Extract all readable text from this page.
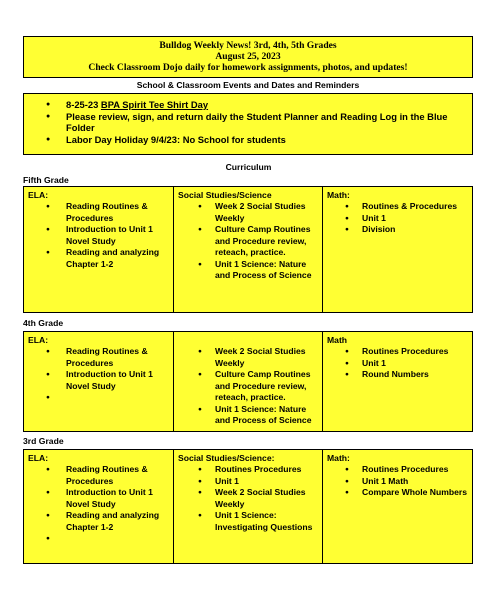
Bulldog Weekly News! 3rd, 4th, 5th Grades
August 25, 2023
Check Classroom Dojo daily for homework assignments, photos, and updates!
School & Classroom Events and Dates and Reminders
● 8-25-23 BPA Spirit Tee Shirt Day
● Please review, sign, and return daily the Student Planner and Reading Log in the Blue Folder
● Labor Day Holiday 9/4/23: No School for students
Curriculum
Fifth Grade
ELA:
● Reading Routines & Procedures
● Introduction to Unit 1 Novel Study
● Reading and analyzing Chapter 1-2
Social Studies/Science
● Week 2 Social Studies Weekly
● Culture Camp Routines and Procedure review, reteach, practice.
● Unit 1 Science: Nature and Process of Science
Math:
● Routines & Procedures
● Unit 1
● Division
4th Grade
ELA:
● Reading Routines & Procedures
● Introduction to Unit 1 Novel Study
●

● Week 2 Social Studies Weekly
● Culture Camp Routines and Procedure review, reteach, practice.
● Unit 1 Science: Nature and Process of Science
Math
● Routines Procedures
● Unit 1
● Round Numbers
3rd Grade
ELA:
● Reading Routines & Procedures
● Introduction to Unit 1 Novel Study
● Reading and analyzing Chapter 1-2
●
Social Studies/Science:
● Routines Procedures
● Unit 1
● Week 2 Social Studies Weekly
● Unit 1 Science: Investigating Questions
Math:
● Routines Procedures
● Unit 1 Math
● Compare Whole Numbers
